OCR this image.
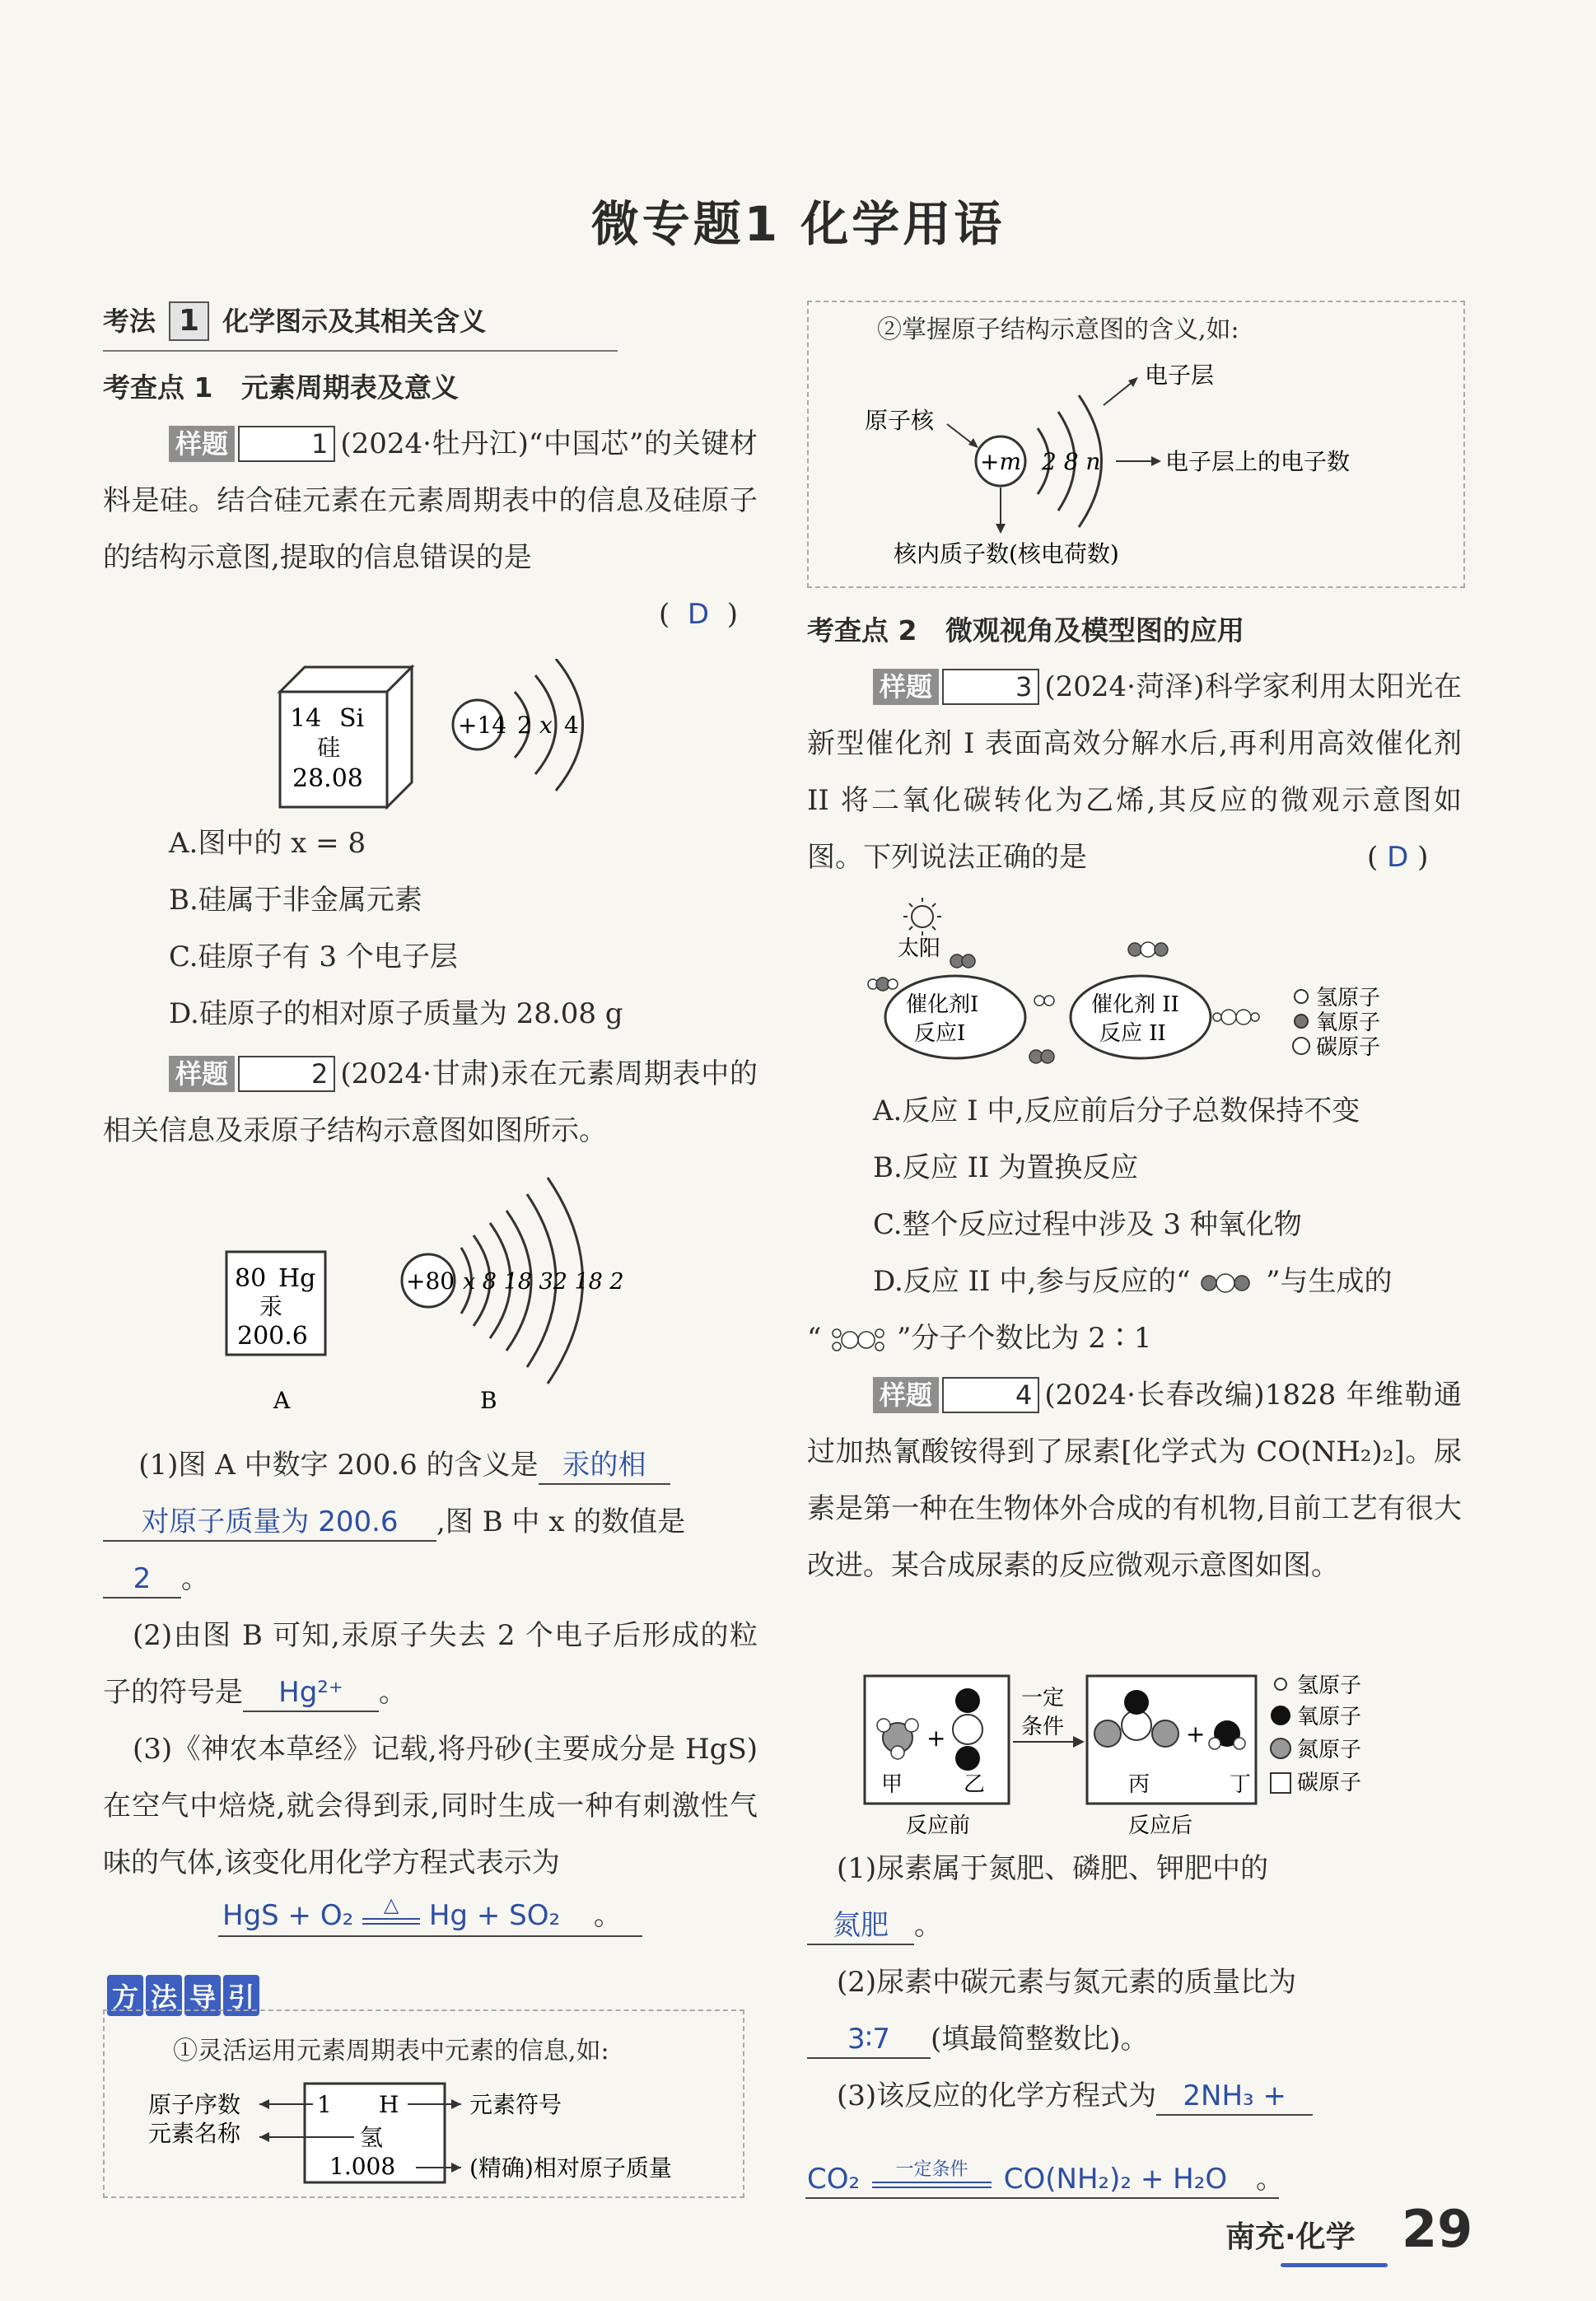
微专题1 化学用语
考法 1 化学图示及其相关含义
考查点 1 元素周期表及意义
样题	1 (2024·牡丹江)“中国芯”的关键材料是硅。结合硅元素在元素周期表中的信息及硅原子的结构示意图,提取的信息错误的是
( D )
14 Si
硅
28.08
+14 2 x 4
A.图中的 x = 8
B.硅属于非金属元素
C.硅原子有 3 个电子层
D.硅原子的相对原子质量为 28.08 g
样题	2 (2024·甘肃)汞在元素周期表中的相关信息及汞原子结构示意图如图所示。
80 Hg
汞
200.6
+80 x 8 18 32 18 2
A	B
(1)图 A 中数字 200.6 的含义是 汞的相
对原子质量为 200.6 ,图 B 中 x 的数值是
2 。
(2)由图 B 可知,汞原子失去 2 个电子后形成的粒子的符号是 Hg²⁺ 。
(3)《神农本草经》记载,将丹砂(主要成分是 HgS)在空气中焙烧,就会得到汞,同时生成一种有刺激性气味的气体,该变化用化学方程式表示为
HgS + O₂	△	Hg + SO₂ 。
方 法 导 引
①灵活运用元素周期表中元素的信息,如:
原子序数
元素名称
1 H
氢
1.008
元素符号
(精确)相对原子质量
②掌握原子结构示意图的含义,如:
+m 2 8 n
电子层
原子核
电子层上的电子数
核内质子数(核电荷数)
考查点 2 微观视角及模型图的应用
样题	3 (2024·菏泽)科学家利用太阳光在新型催化剂 I 表面高效分解水后,再利用高效催化剂 II 将二氧化碳转化为乙烯,其反应的微观示意图如图。下列说法正确的是	( D )
太阳
催化剂I
反应I
催化剂 II
反应 II
氢原子
氧原子
碳原子
A.反应 I 中,反应前后分子总数保持不变
B.反应 II 为置换反应
C.整个反应过程中涉及 3 种氧化物
D.反应 II 中,参与反应的“	”与生成的
“	”分子个数比为 2∶1
样题	4 (2024·长春改编)1828 年维勒通过加热氰酸铵得到了尿素[化学式为 CO(NH₂)₂]。尿素是第一种在生物体外合成的有机物,目前工艺有很大改进。某合成尿素的反应微观示意图如图。
+
甲	乙
一定
条件	+
丙	丁
反应前	反应后
氢原子
氧原子
氮原子
碳原子
(1)尿素属于氮肥、磷肥、钾肥中的
氮肥 。
(2)尿素中碳元素与氮元素的质量比为
3∶7 (填最简整数比)。
(3)该反应的化学方程式为 2NH₃ +
CO₂	一定条件	CO(NH₂)₂ + H₂O 。
南充·化学 29
